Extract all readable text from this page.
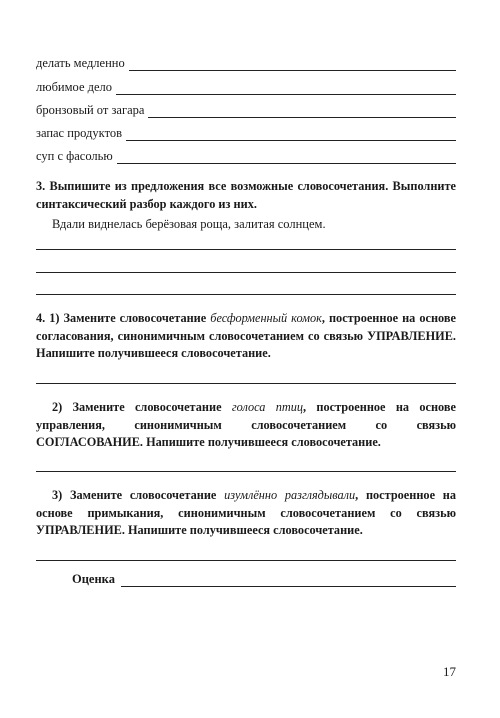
делать медленно
любимое дело
бронзовый от загара
запас продуктов
суп с фасолью
3. Выпишите из предложения все возможные словосочетания. Выполните синтаксический разбор каждого из них.
Вдали виднелась берёзовая роща, залитая солнцем.
4. 1) Замените словосочетание бесформенный комок, построенное на основе согласования, синонимичным словосочетанием со связью УПРАВЛЕНИЕ. Напишите получившееся словосочетание.
2) Замените словосочетание голоса птиц, построенное на основе управления, синонимичным словосочетанием со связью СОГЛАСОВАНИЕ. Напишите получившееся словосочетание.
3) Замените словосочетание изумлённо разглядывали, построенное на основе примыкания, синонимичным словосочетанием со связью УПРАВЛЕНИЕ. Напишите получившееся словосочетание.
Оценка
17
